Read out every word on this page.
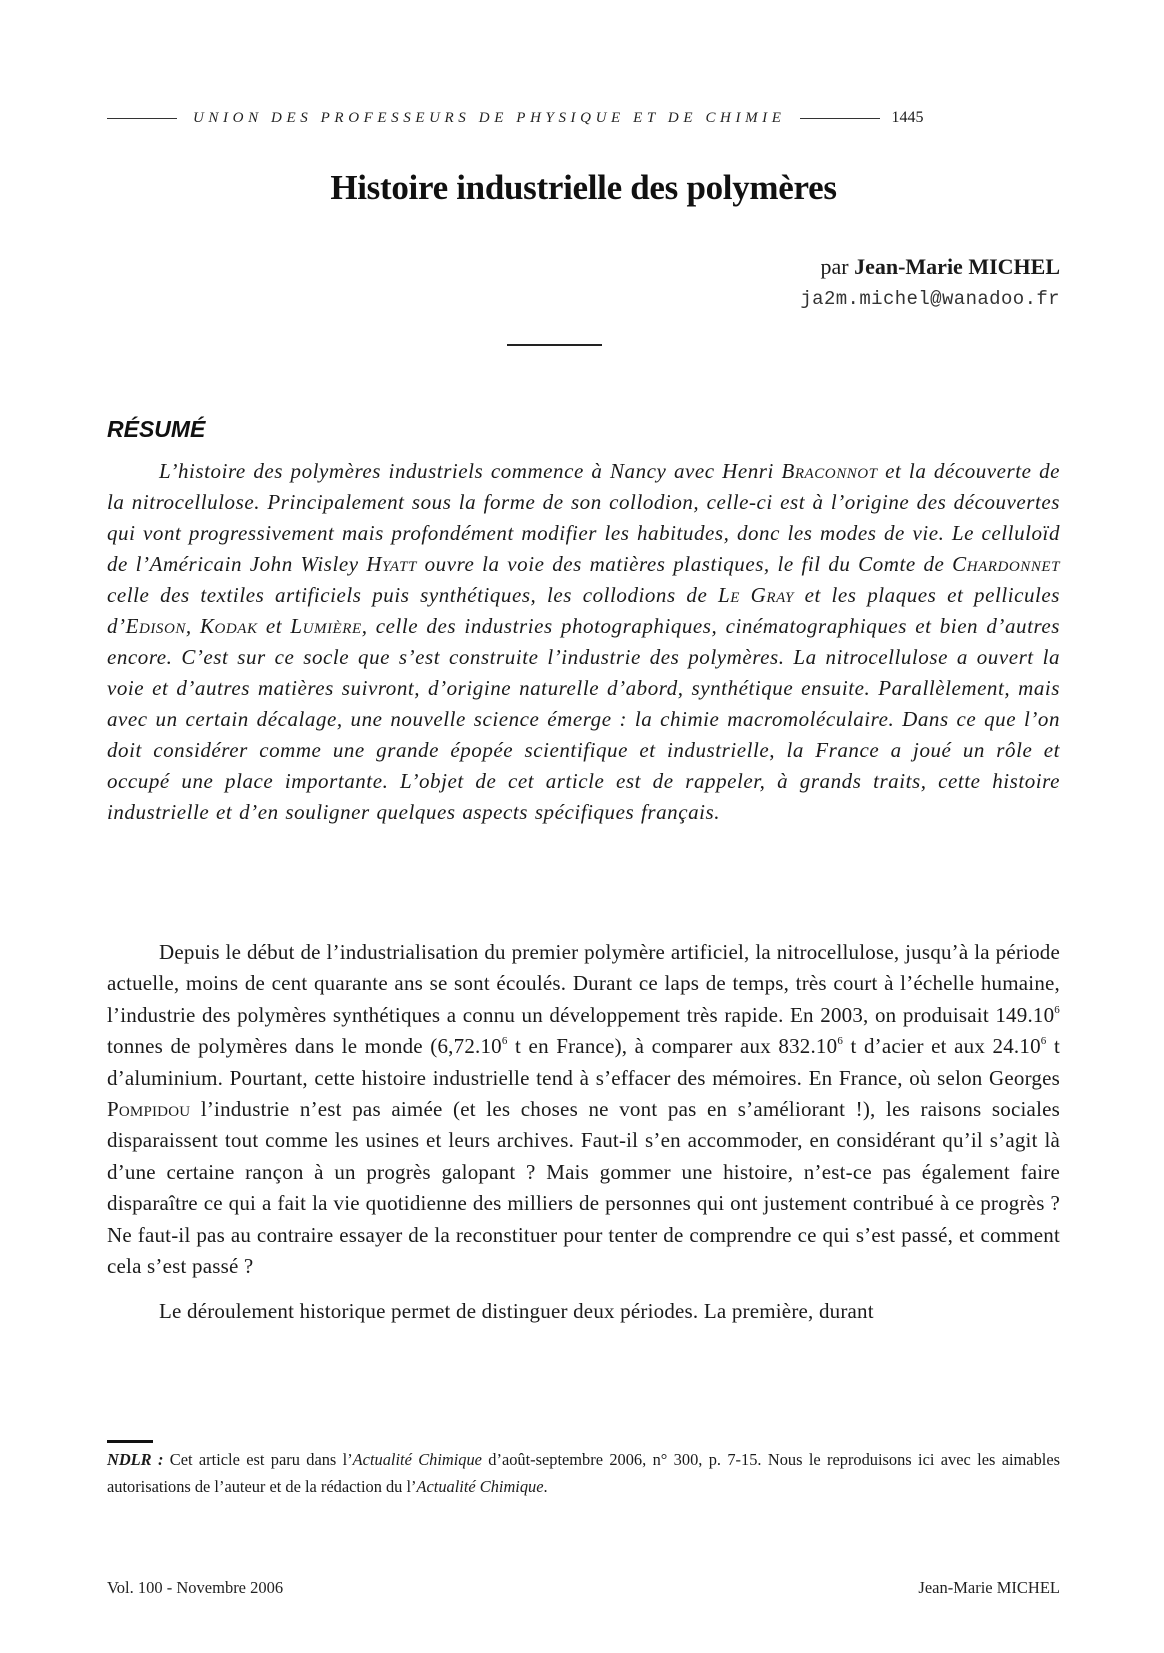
UNION DES PROFESSEURS DE PHYSIQUE ET DE CHIMIE	1445
Histoire industrielle des polymères
par Jean-Marie MICHEL
ja2m.michel@wanadoo.fr
RÉSUMÉ

L’histoire des polymères industriels commence à Nancy avec Henri Braconnot et la découverte de la nitrocellulose. Principalement sous la forme de son collodion, celle-ci est à l’origine des découvertes qui vont progressivement mais profondément modifier les habitudes, donc les modes de vie. Le celluloïd de l’Américain John Wisley Hyatt ouvre la voie des matières plastiques, le fil du Comte de Chardonnet celle des textiles artificiels puis synthétiques, les collodions de Le Gray et les plaques et pellicules d’Edison, Kodak et Lumière, celle des industries photographiques, cinématographiques et bien d’autres encore. C’est sur ce socle que s’est construite l’industrie des polymères. La nitrocellulose a ouvert la voie et d’autres matières suivront, d’origine naturelle d’abord, synthétique ensuite. Parallèlement, mais avec un certain décalage, une nouvelle science émerge : la chimie macromoléculaire. Dans ce que l’on doit considérer comme une grande épopée scientifique et industrielle, la France a joué un rôle et occupé une place importante. L’objet de cet article est de rappeler, à grands traits, cette histoire industrielle et d’en souligner quelques aspects spécifiques français.

Depuis le début de l’industrialisation du premier polymère artificiel, la nitrocellulose, jusqu’à la période actuelle, moins de cent quarante ans se sont écoulés. Durant ce laps de temps, très court à l’échelle humaine, l’industrie des polymères synthétiques a connu un développement très rapide. En 2003, on produisait 149.10$^6$ tonnes de polymères dans le monde (6,72.10$^6$ t en France), à comparer aux 832.10$^6$ t d’acier et aux 24.10$^6$ t d’aluminium. Pourtant, cette histoire industrielle tend à s’effacer des mémoires. En France, où selon Georges Pompidou l’industrie n’est pas aimée (et les choses ne vont pas en s’améliorant !), les raisons sociales disparaissent tout comme les usines et leurs archives. Faut-il s’en accommoder, en considérant qu’il s’agit là d’une certaine rançon à un progrès galopant ? Mais gommer une histoire, n’est-ce pas également faire disparaître ce qui a fait la vie quotidienne des milliers de personnes qui ont justement contribué à ce progrès ? Ne faut-il pas au contraire essayer de la reconstituer pour tenter de comprendre ce qui s’est passé, et comment cela s’est passé ?

Le déroulement historique permet de distinguer deux périodes. La première, durant

NDLR : Cet article est paru dans l’Actualité Chimique d’août-septembre 2006, n° 300, p. 7-15. Nous le reproduisons ici avec les aimables autorisations de l’auteur et de la rédaction du l’Actualité Chimique.
Vol. 100 - Novembre 2006	Jean-Marie MICHEL
